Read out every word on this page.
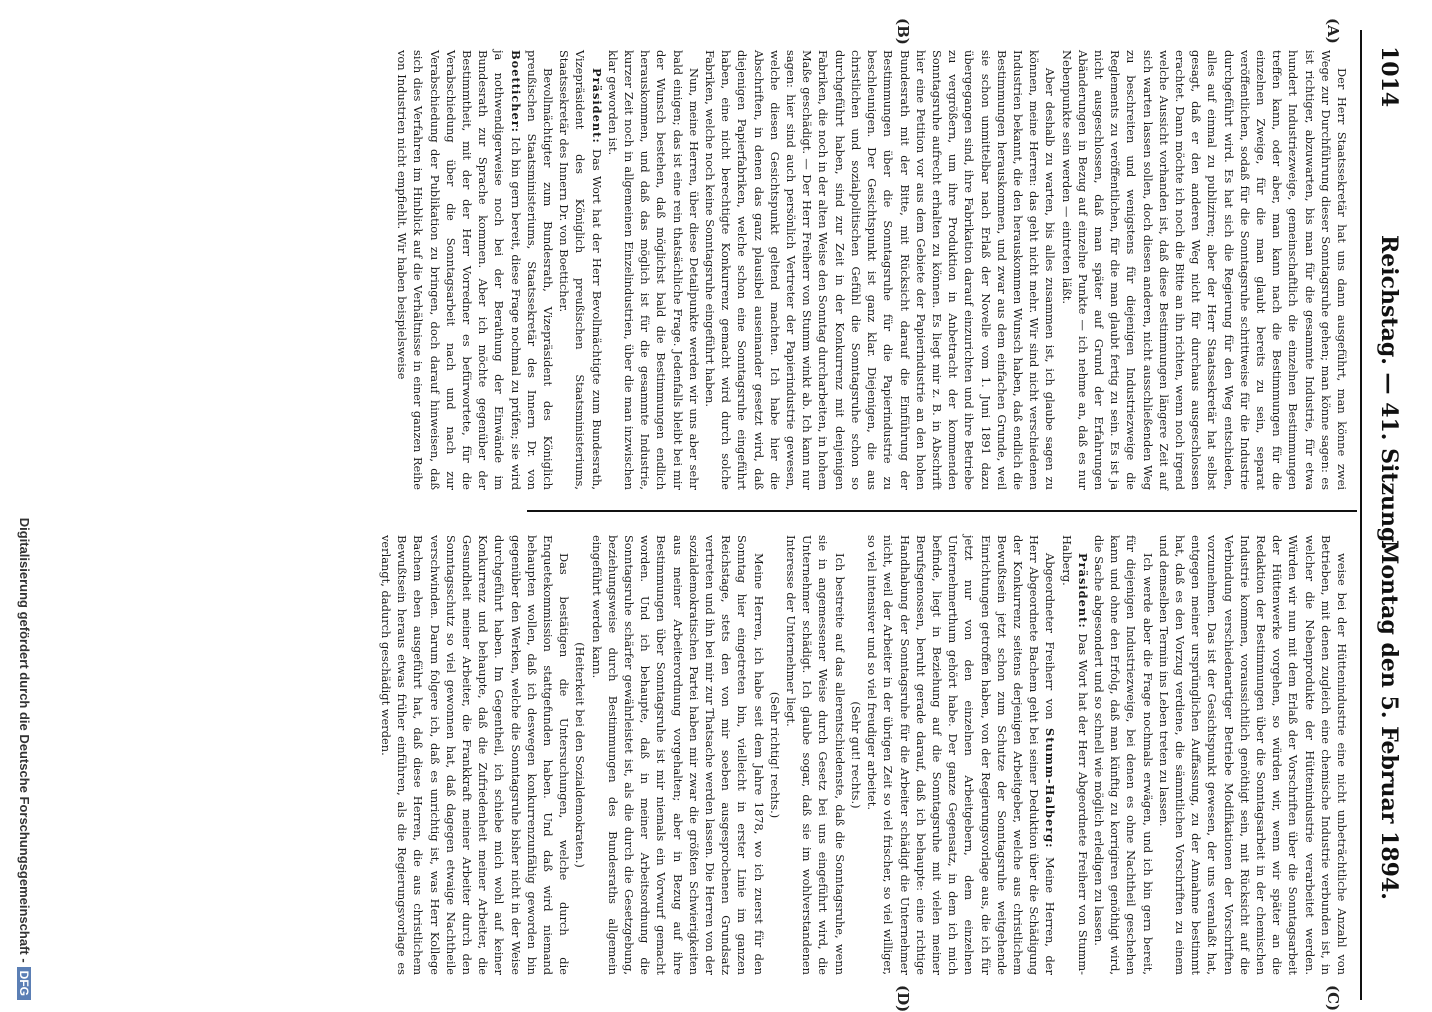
1014
Reichstag. — 41. Sitzung.
Montag den 5. Februar 1894.
(A)
(B)
(C)
(D)

Der Herr Staatssekretär hat uns dann ausgeführt, man könne zwei Wege zur Durchführung dieser Sonntagsruhe gehen; man könne sagen: es ist richtiger, abzuwarten, bis man für die gesammte Industrie, für etwa hundert Industriezweige, gemeinschaftlich die einzelnen Bestimmungen treffen kann, oder aber, man kann nach die Bestimmungen für die einzelnen Zweige, für die man glaubt bereits zu sein, separat veröffentlichen, sodaß für die Sonntagsruhe schrittweise für die Industrie durchgeführt wird. Es hat sich die Regierung für den Weg entschieden, alles auf einmal zu publiziren; aber der Herr Staatssekretär hat selbst gesagt, daß er den anderen Weg nicht für durchaus ausgeschlossen erachtet. Dann möchte ich noch die Bitte an ihn richten, wenn noch irgend welche Aussicht vorhanden ist, daß diese Bestimmungen längere Zeit auf sich warten lassen sollen, doch diesen anderen, nicht ausschließenden Weg zu beschreiten und wenigstens für diejenigen Industriezweige die Reglements zu veröffentlichen, für die man glaubt fertig zu sein. Es ist ja nicht ausgeschlossen, daß man später auf Grund der Erfahrungen Abänderungen in Bezug auf einzelne Punkte — ich nehme an, daß es nur Nebenpunkte sein werden — eintreten läßt.

Aber deshalb zu warten, bis alles zusammen ist, ich glaube sagen zu können, meine Herren: das geht nicht mehr. Wir sind nicht verschiedenen Industrien bekannt, die den herauskommen Wunsch haben, daß endlich die Bestimmungen herauskommen, und zwar aus dem einfachen Grunde, weil sie schon unmittelbar nach Erlaß der Novelle vom 1. Juni 1891 dazu übergegangen sind, ihre Fabrikation darauf einzurichten und ihre Betriebe zu vergrößern, um ihre Produktion in Anbetracht der kommenden Sonntagsruhe aufrecht erhalten zu können. Es liegt mir z. B. in Abschrift hier eine Petition vor aus dem Gebiete der Papierindustrie an den hohen Bundesrath mit der Bitte, mit Rücksicht darauf die Einführung der Bestimmungen über die Sonntagsruhe für die Papierindustrie zu beschleunigen. Der Gesichtspunkt ist ganz klar. Diejenigen, die aus christlichen und sozialpolitischen Gefühl die Sonntagsruhe schon so durchgeführt haben, sind zur Zeit in der Konkurrenz mit denjenigen Fabriken, die noch in der alten Weise den Sonntag durcharbeiten, in hohem Maße geschädigt. — Der Herr Freiherr von Stumm winkt ab. Ich kann nur sagen: hier sind auch persönlich Vertreter der Papierindustrie gewesen, welche diesen Gesichtspunkt geltend machten. Ich habe hier die Abschriften, in denen das ganz plausibel auseinander gesetzt wird, daß diejenigen Papierfabriken, welche schon eine Sonntagsruhe eingeführt haben, eine nicht berechtigte Konkurrenz gemacht wird durch solche Fabriken, welche noch keine Sonntagsruhe eingeführt haben.

Nun, meine Herren, über diese Detailpunkte werden wir uns aber sehr bald einigen; das ist eine rein thatsächliche Frage. Jedenfalls bleibt bei mir der Wunsch bestehen, daß möglichst bald die Bestimmungen endlich herauskommen, und daß das möglich ist für die gesammte Industrie, kurzer Zeit noch in allgemeinen Einzelindustrien, über die man inzwischen klar geworden ist.

Präsident: Das Wort hat der Herr Bevollmächtigte zum Bundesrath, Vizepräsident des Königlich preußischen Staatsministeriums, Staatssekretär des Innern Dr. von Boetticher.

Bevollmächtigter zum Bundesrath, Vizepräsident des Königlich preußischen Staatsministeriums, Staatssekretär des Innern Dr. von Boetticher: Ich bin gern bereit, diese Frage nochmal zu prüfen; sie wird ja nothwendigerweise noch bei der Berathung der Einwände im Bundesrath zur Sprache kommen. Aber ich möchte gegenüber der Bestimmtheit, mit der der Herr Vorredner es befürwortete, für die Verabschiedung über die Sonntagsarbeit nach und nach zur Verabschiedung der Publikation zu bringen, doch darauf hinweisen, daß sich dies Verfahren im Hinblick auf die Verhältnisse in einer ganzen Reihe von Industrien nicht empfiehlt. Wir haben beispielsweise

weise bei der Hüttenindustrie eine nicht unbeträchtliche Anzahl von Betrieben, mit denen zugleich eine chemische Industrie verbunden ist, in welcher die Nebenprodukte der Hüttenindustrie verarbeitet werden. Würden wir nun mit dem Erlaß der Vorschriften über die Sonntagsarbeit der Hüttenwerke vorgehen, so würden wir, wenn wir später an die Redaktion der Bestimmungen über die Sonntagsarbeit in der chemischen Industrie kommen, voraussichtlich genöthigt sein, mit Rücksicht auf die Verbindung verschiedenartiger Betriebe Modifikationen der Vorschriften vorzunehmen. Das ist der Gesichtspunkt gewesen, der uns veranlaßt hat, entgegen meiner ursprünglichen Auffassung, zu der Annahme bestimmt hat, daß es den Vorzug verdiene, die sämmtlichen Vorschriften zu einem und demselben Termin ins Leben treten zu lassen.

Ich werde aber die Frage nochmals erwägen, und ich bin gern bereit, für diejenigen Industriezweige, bei denen es ohne Nachtheil geschehen kann und ohne den Erfolg, daß man künftig zu korrigiren genöthigt wird, die Sache abgesondert und so schnell wie möglich erledigen zu lassen.

Präsident: Das Wort hat der Herr Abgeordnete Freiherr von Stumm-Halberg.

Abgeordneter Freiherr von Stumm-Halberg: Meine Herren, der Herr Abgeordnete Bachem geht bei seiner Deduktion über die Schädigung der Konkurrenz seitens derjenigen Arbeitgeber, welche aus christlichem Bewußtsein jetzt schon zum Schutze der Sonntagsruhe weitgehende Einrichtungen getroffen haben, von der Regierungsvorlage aus, die ich für jetzt nur von den einzelnen Arbeitgebern, dem einzelnen Unternehmerthum gehört habe. Der ganze Gegensatz, in dem ich mich befinde, liegt in Beziehung auf die Sonntagsruhe mit vielen meiner Berufsgenossen, beruht gerade darauf, daß ich behaupte: eine richtige Handhabung der Sonntagsruhe für die Arbeiter schädigt die Unternehmer nicht, weil der Arbeiter in der übrigen Zeit so viel frischer, so viel williger, so viel intensiver und so viel freudiger arbeitet.

(Sehr gut! rechts.)

Ich bestreite auf das allerentschiedenste, daß die Sonntagsruhe, wenn sie in angemessener Weise durch Gesetz bei uns eingeführt wird, die Unternehmer schädigt. Ich glaube sogar, daß sie im wohlverstandenen Interesse der Unternehmer liegt.

(Sehr richtig! rechts.)

Meine Herren, ich habe seit dem Jahre 1878, wo ich zuerst für den Sonntag hier eingetreten bin, vielleicht in erster Linie im ganzen Reichstage, stets den von mir soeben ausgesprochenen Grundsatz vertreten und ihn bei mir zur Thatsache werden lassen. Die Herren von der sozialdemokratischen Partei haben mir zwar die größten Schwierigkeiten aus meiner Arbeiterordnung vorgehalten; aber in Bezug auf ihre Bestimmungen über Sonntagsruhe ist mir niemals ein Vorwurf gemacht worden. Und ich behaupte, daß in meiner Arbeitsordnung die Sonntagsruhe schärfer gewährleistet ist, als die durch die Gesetzgebung, beziehungsweise durch Bestimmungen des Bundesraths allgemein eingeführt werden kann.

(Heiterkeit bei den Sozialdemokraten.)

Das bestätigen die Untersuchungen, welche durch die Enquetekommission stattgefunden haben. Und daß wird niemand behaupten wollen, daß ich deswegen konkurrenzunfähig geworden bin gegenüber den Werken, welche die Sonntagsruhe bisher nicht in der Weise durchgeführt haben. Im Gegentheil, ich schiebe mich wohl auf keiner Konkurrenz und behaupte, daß die Zufriedenheit meiner Arbeiter, die Gesundheit meiner Arbeiter, die Frankkraft meiner Arbeiter durch den Sonntagsschutz so viel gewonnen hat, daß dagegen etwaige Nachtheile verschwinden. Darum folgere ich, daß es unrichtig ist, was Herr Kollege Bachem eben ausgeführt hat, daß diese Herren, die aus christlichem Bewußtsein heraus etwas früher einführen, als die Regierungsvorlage es verlangt, dadurch geschädigt werden.

Digitalisierung gefördert durch die Deutsche Forschungsgemeinschaft -DFG
